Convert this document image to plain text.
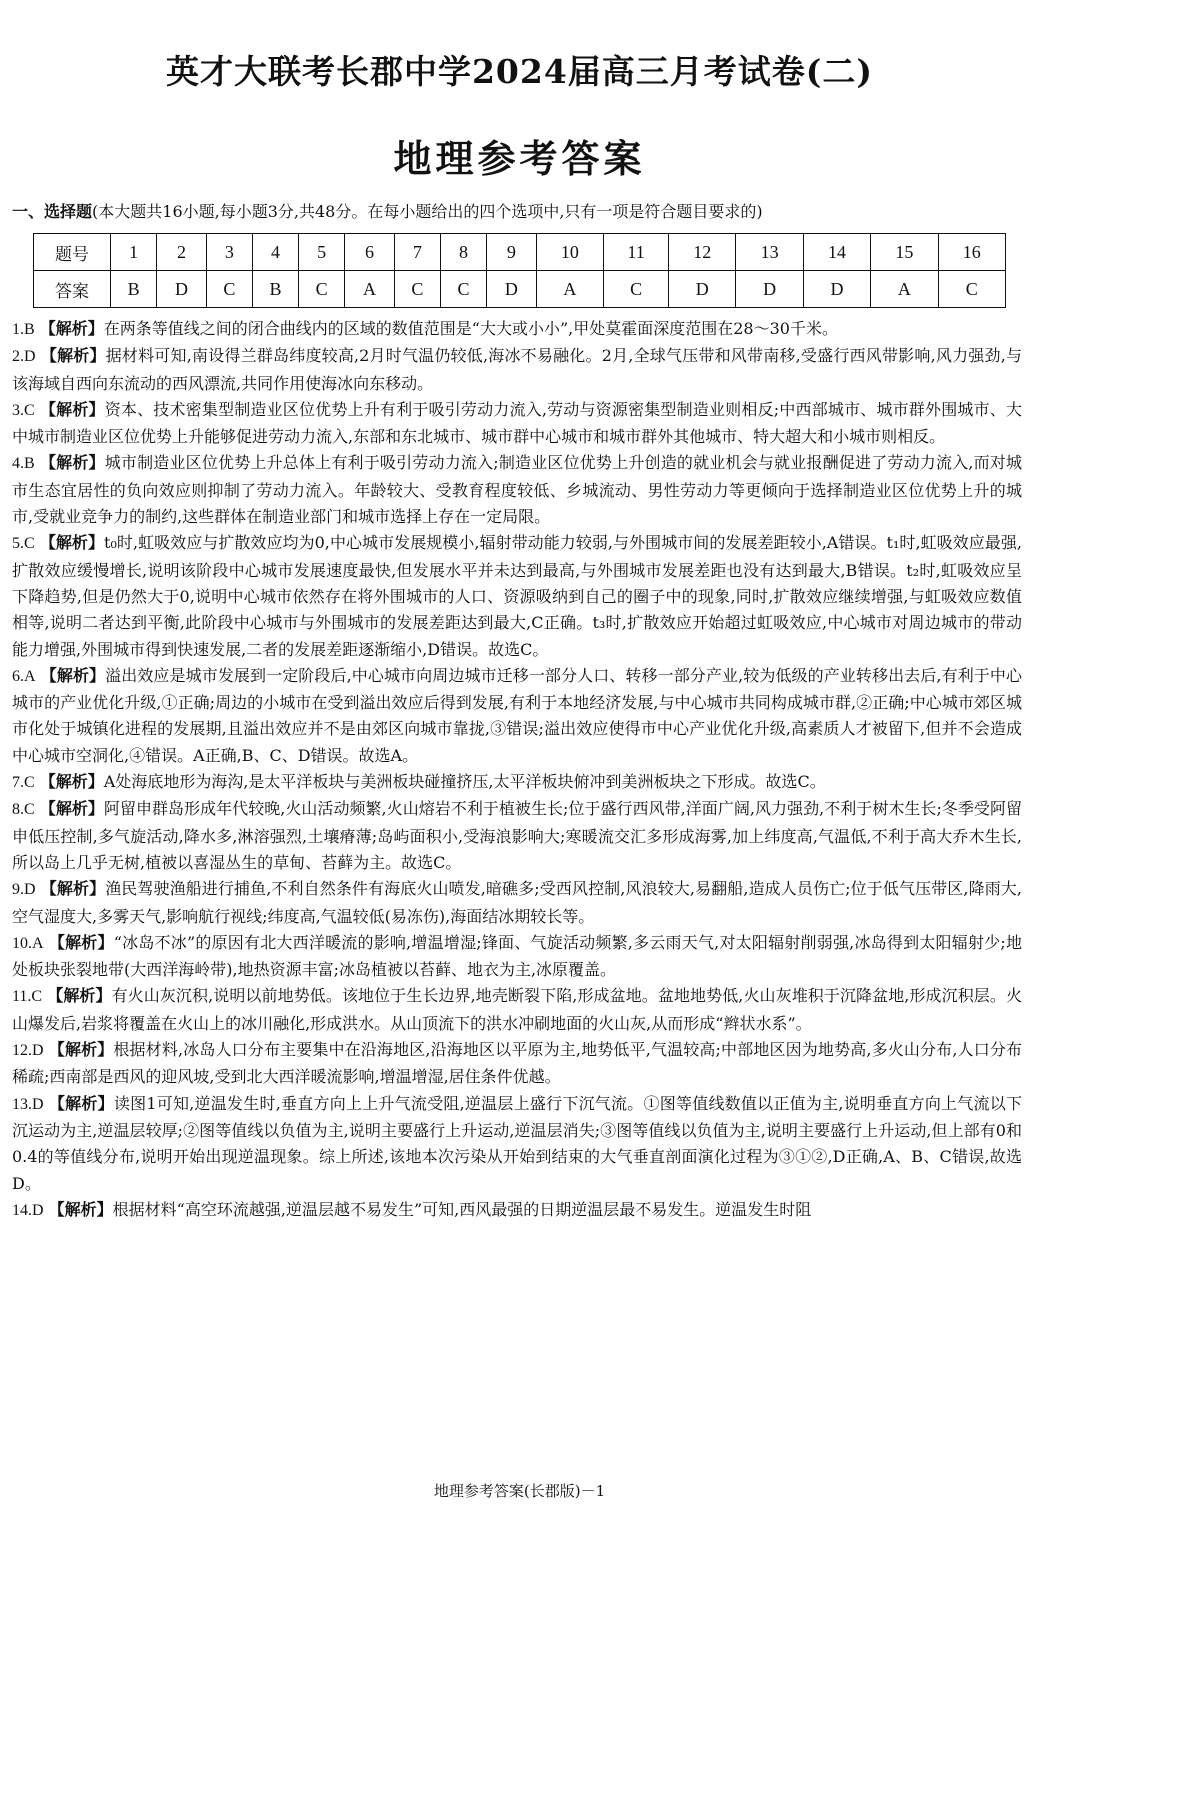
英才大联考长郡中学2024届高三月考试卷(二)
地理参考答案
一、选择题(本大题共16小题,每小题3分,共48分。在每小题给出的四个选项中,只有一项是符合题目要求的)
题号	1	2	3	4	5	6	7	8	9	10	11	12	13	14	15	16
答案	B	D	C	B	C	A	C	C	D	A	C	D	D	D	A	C

1.B 【解析】在两条等值线之间的闭合曲线内的区域的数值范围是“大大或小小”,甲处莫霍面深度范围在28～30千米。

2.D 【解析】据材料可知,南设得兰群岛纬度较高,2月时气温仍较低,海冰不易融化。2月,全球气压带和风带南移,受盛行西风带影响,风力强劲,与该海域自西向东流动的西风漂流,共同作用使海冰向东移动。

3.C 【解析】资本、技术密集型制造业区位优势上升有利于吸引劳动力流入,劳动与资源密集型制造业则相反;中西部城市、城市群外围城市、大中城市制造业区位优势上升能够促进劳动力流入,东部和东北城市、城市群中心城市和城市群外其他城市、特大超大和小城市则相反。

4.B 【解析】城市制造业区位优势上升总体上有利于吸引劳动力流入;制造业区位优势上升创造的就业机会与就业报酬促进了劳动力流入,而对城市生态宜居性的负向效应则抑制了劳动力流入。年龄较大、受教育程度较低、乡城流动、男性劳动力等更倾向于选择制造业区位优势上升的城市,受就业竞争力的制约,这些群体在制造业部门和城市选择上存在一定局限。

5.C 【解析】t₀时,虹吸效应与扩散效应均为0,中心城市发展规模小,辐射带动能力较弱,与外围城市间的发展差距较小,A错误。t₁时,虹吸效应最强,扩散效应缓慢增长,说明该阶段中心城市发展速度最快,但发展水平并未达到最高,与外围城市发展差距也没有达到最大,B错误。t₂时,虹吸效应呈下降趋势,但是仍然大于0,说明中心城市依然存在将外围城市的人口、资源吸纳到自己的圈子中的现象,同时,扩散效应继续增强,与虹吸效应数值相等,说明二者达到平衡,此阶段中心城市与外围城市的发展差距达到最大,C正确。t₃时,扩散效应开始超过虹吸效应,中心城市对周边城市的带动能力增强,外围城市得到快速发展,二者的发展差距逐渐缩小,D错误。故选C。

6.A 【解析】溢出效应是城市发展到一定阶段后,中心城市向周边城市迁移一部分人口、转移一部分产业,较为低级的产业转移出去后,有利于中心城市的产业优化升级,①正确;周边的小城市在受到溢出效应后得到发展,有利于本地经济发展,与中心城市共同构成城市群,②正确;中心城市郊区城市化处于城镇化进程的发展期,且溢出效应并不是由郊区向城市靠拢,③错误;溢出效应使得市中心产业优化升级,高素质人才被留下,但并不会造成中心城市空洞化,④错误。A正确,B、C、D错误。故选A。

7.C 【解析】A处海底地形为海沟,是太平洋板块与美洲板块碰撞挤压,太平洋板块俯冲到美洲板块之下形成。故选C。

8.C 【解析】阿留申群岛形成年代较晚,火山活动频繁,火山熔岩不利于植被生长;位于盛行西风带,洋面广阔,风力强劲,不利于树木生长;冬季受阿留申低压控制,多气旋活动,降水多,淋溶强烈,土壤瘠薄;岛屿面积小,受海浪影响大;寒暖流交汇多形成海雾,加上纬度高,气温低,不利于高大乔木生长,所以岛上几乎无树,植被以喜湿丛生的草甸、苔藓为主。故选C。

9.D 【解析】渔民驾驶渔船进行捕鱼,不利自然条件有海底火山喷发,暗礁多;受西风控制,风浪较大,易翻船,造成人员伤亡;位于低气压带区,降雨大,空气湿度大,多雾天气,影响航行视线;纬度高,气温较低(易冻伤),海面结冰期较长等。

10.A 【解析】“冰岛不冰”的原因有北大西洋暖流的影响,增温增湿;锋面、气旋活动频繁,多云雨天气,对太阳辐射削弱强,冰岛得到太阳辐射少;地处板块张裂地带(大西洋海岭带),地热资源丰富;冰岛植被以苔藓、地衣为主,冰原覆盖。

11.C 【解析】有火山灰沉积,说明以前地势低。该地位于生长边界,地壳断裂下陷,形成盆地。盆地地势低,火山灰堆积于沉降盆地,形成沉积层。火山爆发后,岩浆将覆盖在火山上的冰川融化,形成洪水。从山顶流下的洪水冲刷地面的火山灰,从而形成“辫状水系”。

12.D 【解析】根据材料,冰岛人口分布主要集中在沿海地区,沿海地区以平原为主,地势低平,气温较高;中部地区因为地势高,多火山分布,人口分布稀疏;西南部是西风的迎风坡,受到北大西洋暖流影响,增温增湿,居住条件优越。

13.D 【解析】读图1可知,逆温发生时,垂直方向上上升气流受阻,逆温层上盛行下沉气流。①图等值线数值以正值为主,说明垂直方向上气流以下沉运动为主,逆温层较厚;②图等值线以负值为主,说明主要盛行上升运动,逆温层消失;③图等值线以负值为主,说明主要盛行上升运动,但上部有0和0.4的等值线分布,说明开始出现逆温现象。综上所述,该地本次污染从开始到结束的大气垂直剖面演化过程为③①②,D正确,A、B、C错误,故选D。

14.D 【解析】根据材料“高空环流越强,逆温层越不易发生”可知,西风最强的日期逆温层最不易发生。逆温发生时阻

地理参考答案(长郡版)－1
